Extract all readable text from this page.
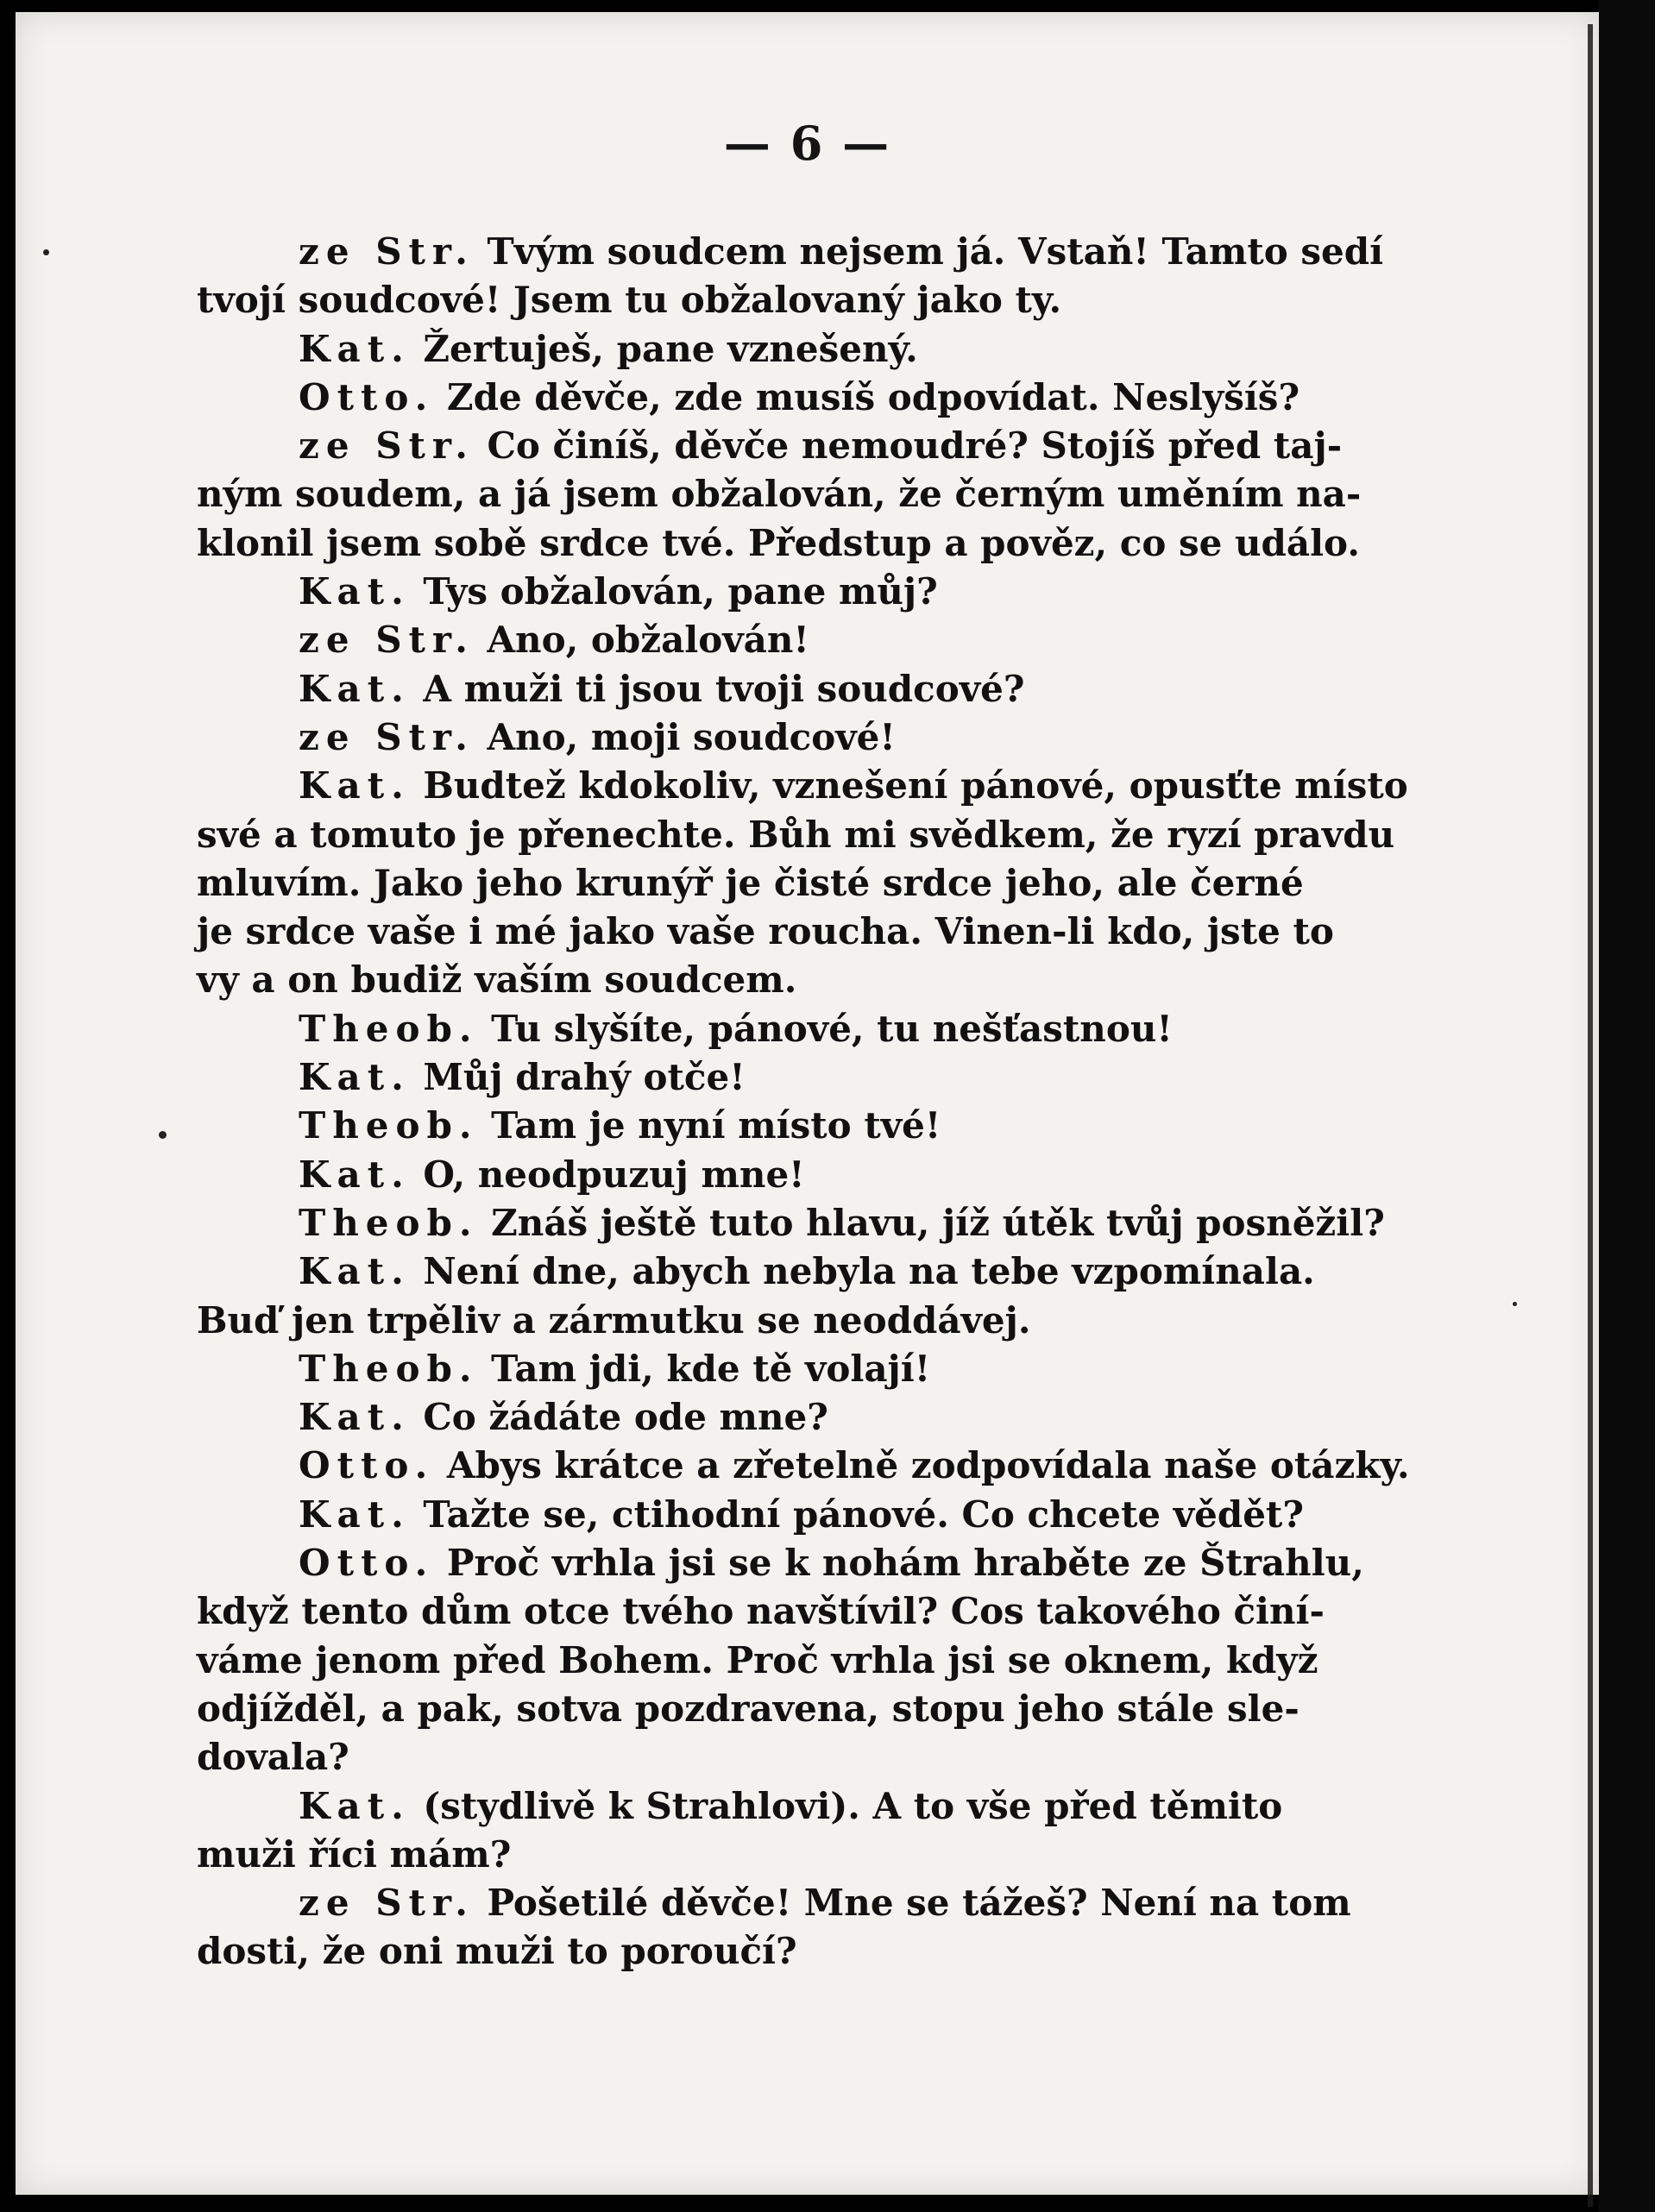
— 6 —
ze Str. Tvým soudcem nejsem já. Vstaň! Tamto sedí
tvojí soudcové! Jsem tu obžalovaný jako ty.
Kat. Žertuješ, pane vznešený.
Otto. Zde děvče, zde musíš odpovídat. Neslyšíš?
ze Str. Co činíš, děvče nemoudré? Stojíš před taj-
ným soudem, a já jsem obžalován, že černým uměním na-
klonil jsem sobě srdce tvé. Předstup a pověz, co se událo.
Kat. Tys obžalován, pane můj?
ze Str. Ano, obžalován!
Kat. A muži ti jsou tvoji soudcové?
ze Str. Ano, moji soudcové!
Kat. Budtež kdokoliv, vznešení pánové, opusťte místo
své a tomuto je přenechte. Bůh mi svědkem, že ryzí pravdu
mluvím. Jako jeho krunýř je čisté srdce jeho, ale černé
je srdce vaše i mé jako vaše roucha. Vinen-li kdo, jste to
vy a on budiž vaším soudcem.
Theob. Tu slyšíte, pánové, tu nešťastnou!
Kat. Můj drahý otče!
Theob. Tam je nyní místo tvé!
Kat. O, neodpuzuj mne!
Theob. Znáš ještě tuto hlavu, jíž útěk tvůj posněžil?
Kat. Není dne, abych nebyla na tebe vzpomínala.
Buď jen trpěliv a zármutku se neoddávej.
Theob. Tam jdi, kde tě volají!
Kat. Co žádáte ode mne?
Otto. Abys krátce a zřetelně zodpovídala naše otázky.
Kat. Tažte se, ctihodní pánové. Co chcete vědět?
Otto. Proč vrhla jsi se k nohám hraběte ze Štrahlu,
když tento dům otce tvého navštívil? Cos takového činí-
váme jenom před Bohem. Proč vrhla jsi se oknem, když
odjížděl, a pak, sotva pozdravena, stopu jeho stále sle-
dovala?
Kat. (stydlivě k Strahlovi). A to vše před těmito
muži říci mám?
ze Str. Pošetilé děvče! Mne se tážeš? Není na tom
dosti, že oni muži to poroučí?
